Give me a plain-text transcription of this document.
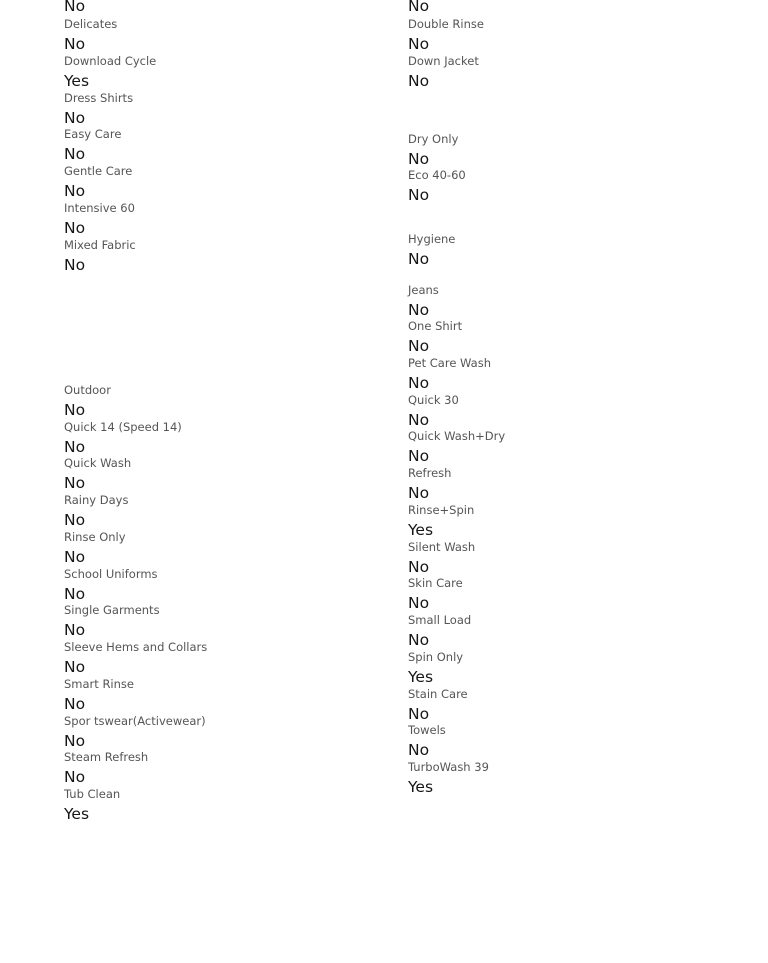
No	No
Delicates
No
Download Cycle
Yes
Dress Shirts
No
Easy Care
No
Gentle Care
No
Intensive 60
No
Mixed Fabric
No
Outdoor
No
Quick 14 (Speed 14)
No
Quick Wash
No
Rainy Days
No
Rinse Only
No
School Uniforms
No
Single Garments
No
Sleeve Hems and Collars
No
Smart Rinse
No
Spor tswear(Activewear)
No
Steam Refresh
No
Tub Clean
Yes
Double Rinse
No
Down Jacket
No
Dry Only
No
Eco 40-60
No
Hygiene
No
Jeans
No
One Shirt
No
Pet Care Wash
No
Quick 30
No
Quick Wash+Dry
No
Refresh
No
Rinse+Spin
Yes
Silent Wash
No
Skin Care
No
Small Load
No
Spin Only
Yes
Stain Care
No
Towels
No
TurboWash 39
Yes
